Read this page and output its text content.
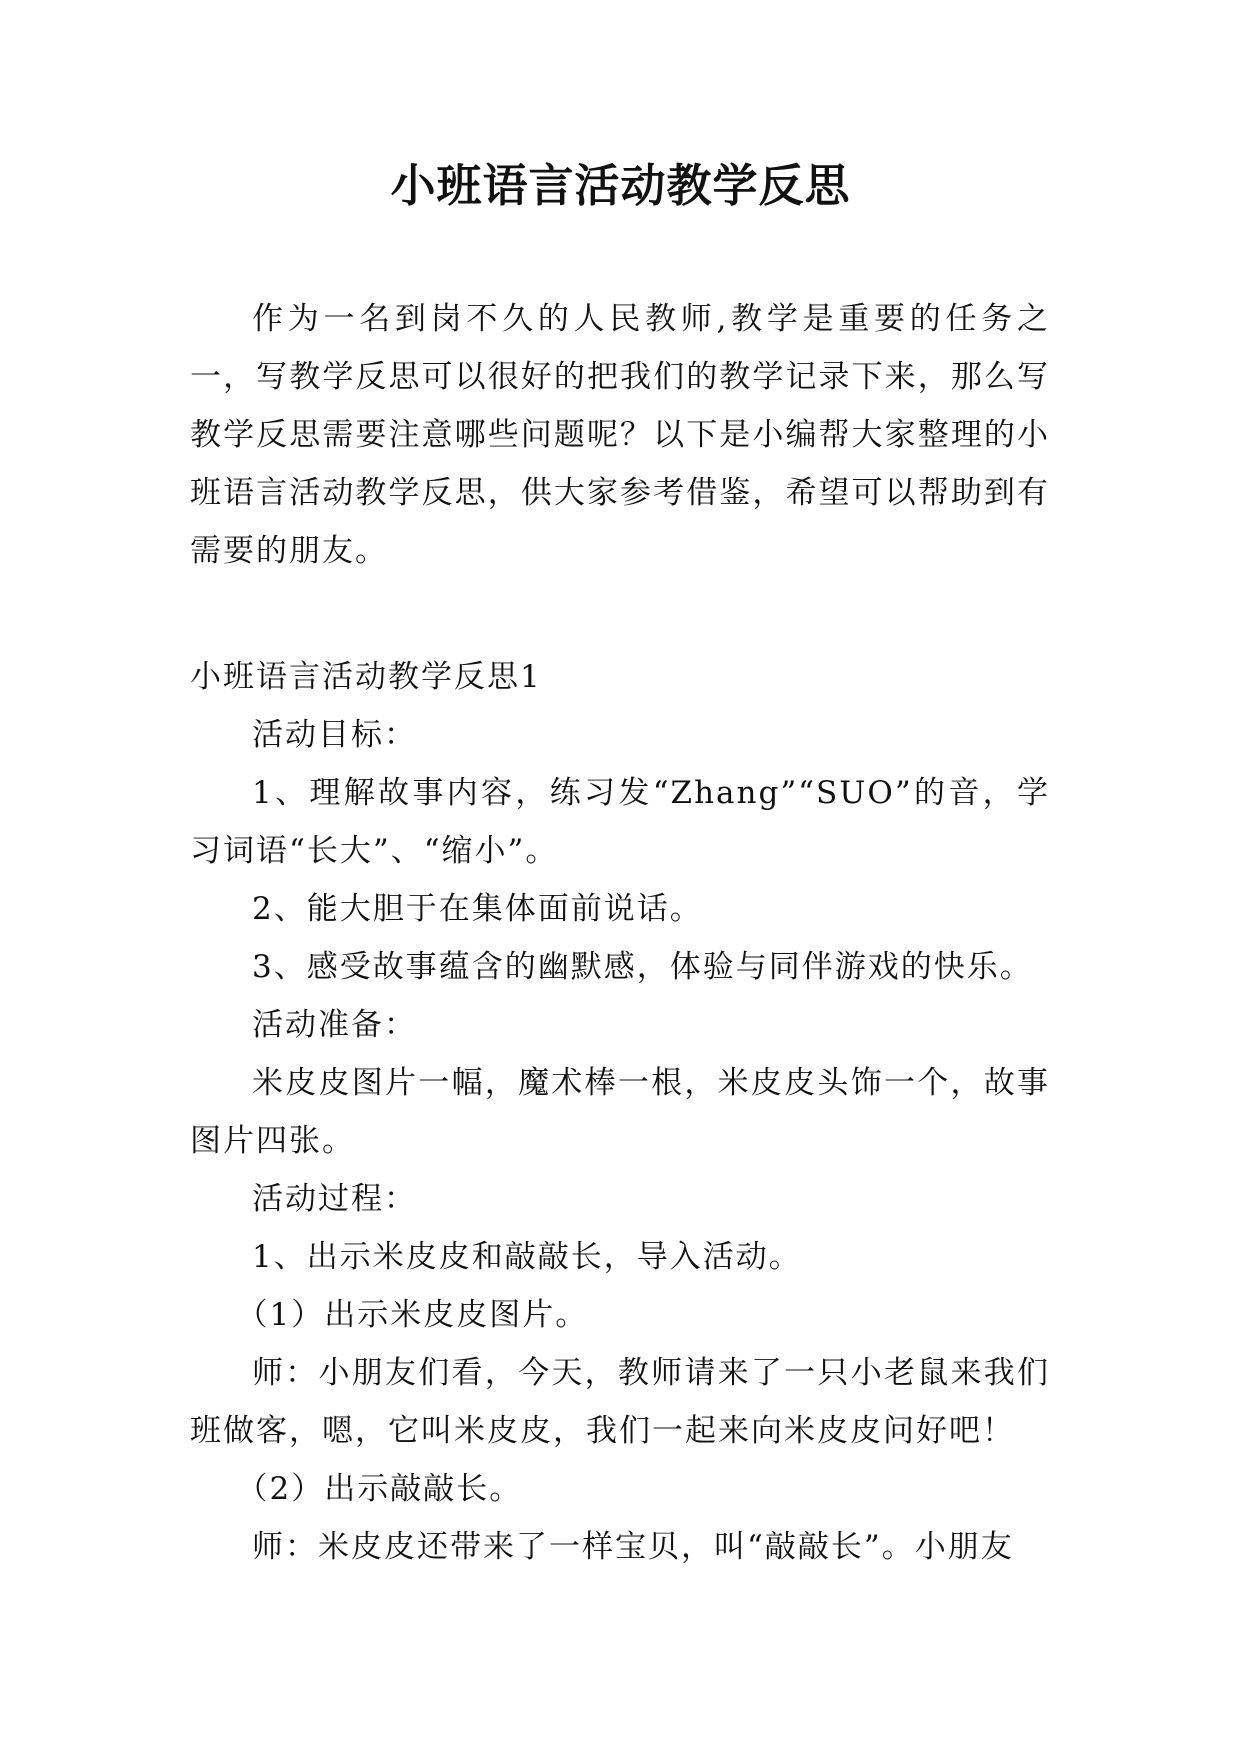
小班语言活动教学反思

作为一名到岗不久的人民教师,教学是重要的任务之一，写教学反思可以很好的把我们的教学记录下来，那么写教学反思需要注意哪些问题呢？以下是小编帮大家整理的小班语言活动教学反思，供大家参考借鉴，希望可以帮助到有需要的朋友。

小班语言活动教学反思1

活动目标：

1、理解故事内容，练习发“Zhang”“SUO”的音，学习词语“长大”、“缩小”。

2、能大胆于在集体面前说话。

3、感受故事蕴含的幽默感，体验与同伴游戏的快乐。

活动准备：

米皮皮图片一幅，魔术棒一根，米皮皮头饰一个，故事图片四张。

活动过程：

1、出示米皮皮和敲敲长，导入活动。

（1）出示米皮皮图片。

师：小朋友们看，今天，教师请来了一只小老鼠来我们班做客，嗯，它叫米皮皮，我们一起来向米皮皮问好吧！

（2）出示敲敲长。

师：米皮皮还带来了一样宝贝，叫“敲敲长”。小朋友
